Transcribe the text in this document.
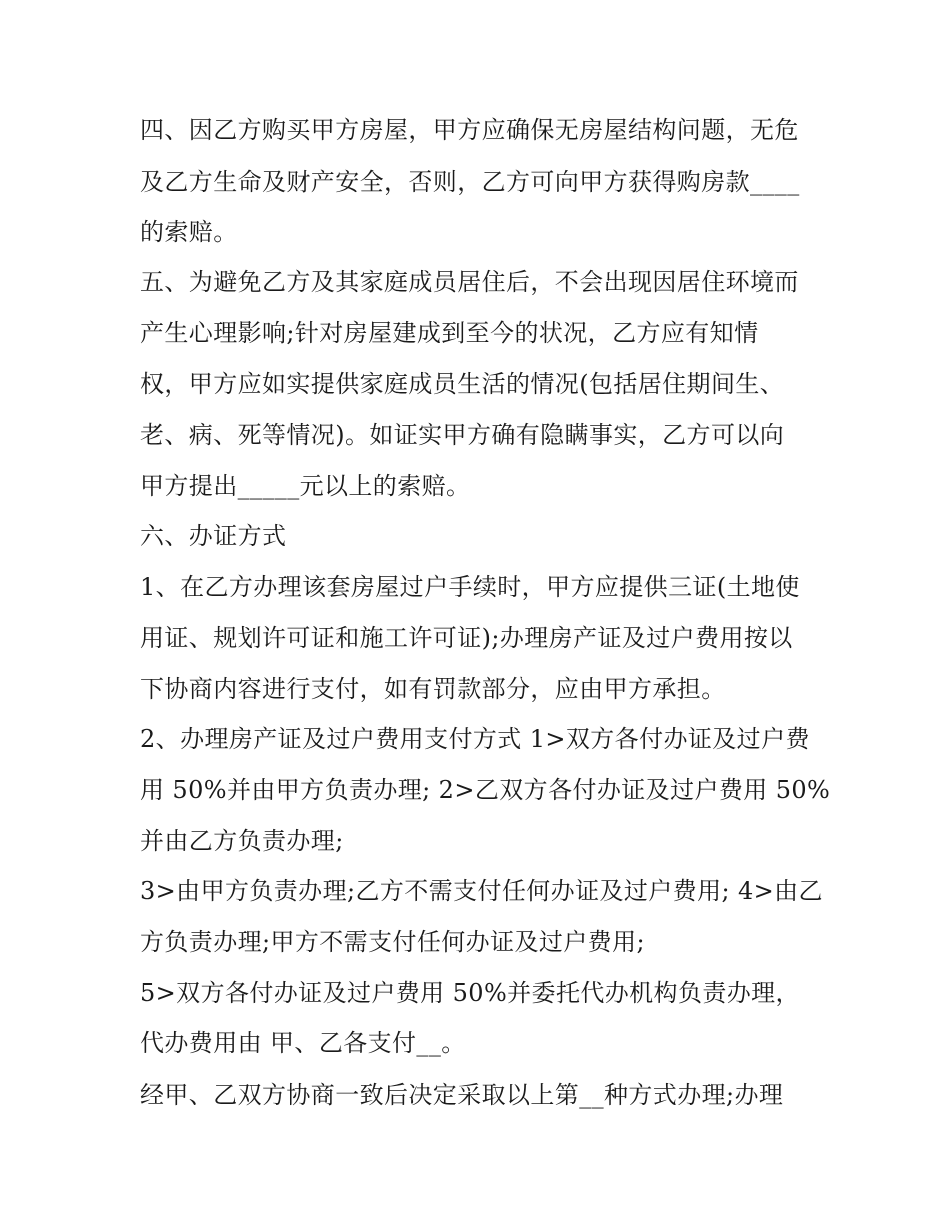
四、因乙方购买甲方房屋，甲方应确保无房屋结构问题，无危
及乙方生命及财产安全，否则，乙方可向甲方获得购房款____
的索赔。
五、为避免乙方及其家庭成员居住后，不会出现因居住环境而
产生心理影响;针对房屋建成到至今的状况，乙方应有知情
权，甲方应如实提供家庭成员生活的情况(包括居住期间生、
老、病、死等情况)。如证实甲方确有隐瞒事实，乙方可以向
甲方提出_____元以上的索赔。
六、办证方式
1、在乙方办理该套房屋过户手续时，甲方应提供三证(土地使
用证、规划许可证和施工许可证);办理房产证及过户费用按以
下协商内容进行支付，如有罚款部分，应由甲方承担。
2、办理房产证及过户费用支付方式 1>双方各付办证及过户费
用 50%并由甲方负责办理; 2>乙双方各付办证及过户费用 50%
并由乙方负责办理;
3>由甲方负责办理;乙方不需支付任何办证及过户费用; 4>由乙
方负责办理;甲方不需支付任何办证及过户费用;
5>双方各付办证及过户费用 50%并委托代办机构负责办理，
代办费用由 甲、乙各支付__。
经甲、乙双方协商一致后决定采取以上第__种方式办理;办理
